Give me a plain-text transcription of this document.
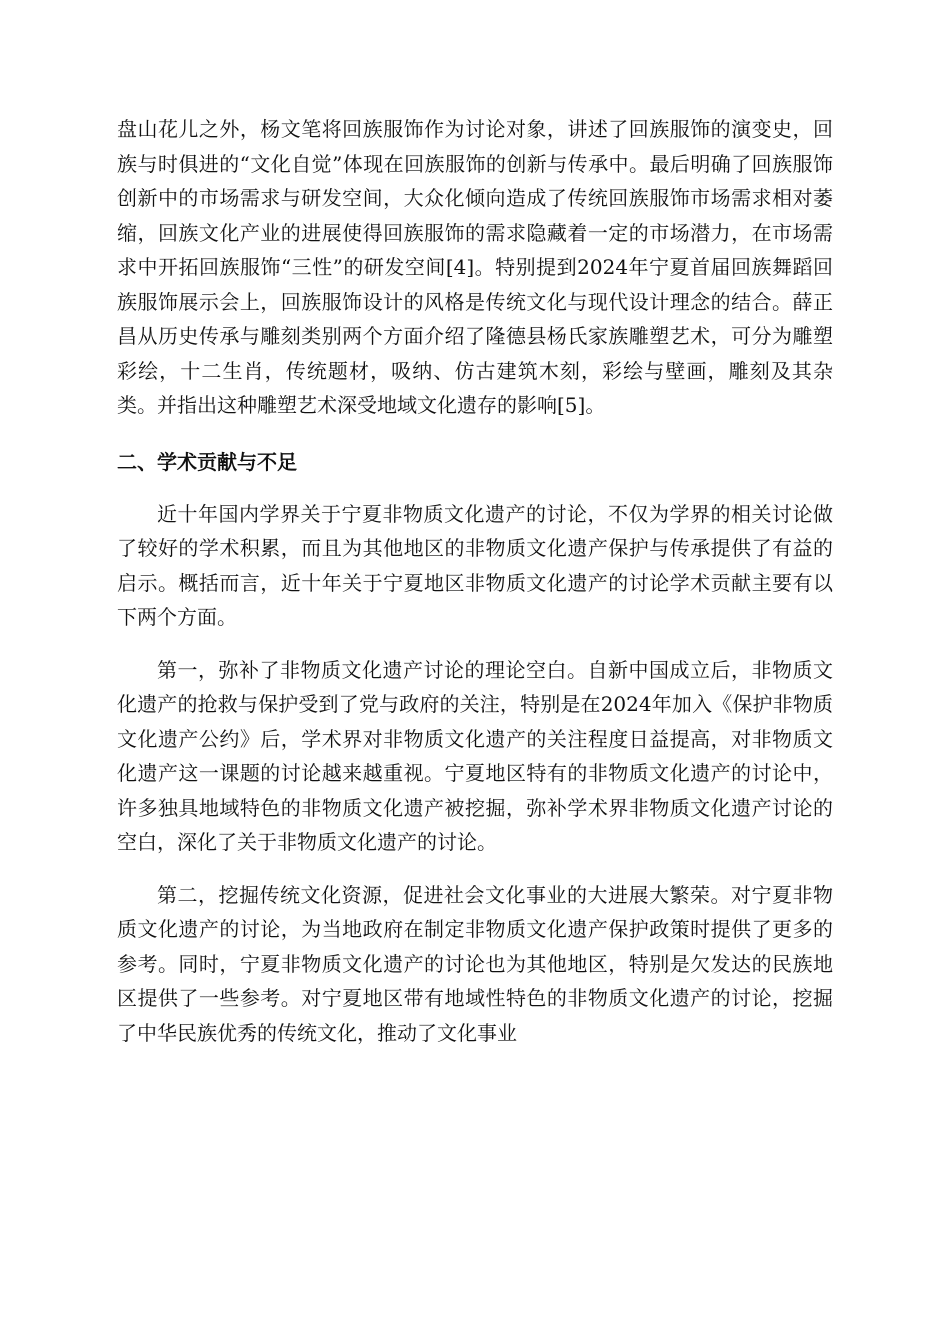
盘山花儿之外，杨文笔将回族服饰作为讨论对象，讲述了回族服饰的演变史，回族与时俱进的“文化自觉”体现在回族服饰的创新与传承中。最后明确了回族服饰创新中的市场需求与研发空间，大众化倾向造成了传统回族服饰市场需求相对萎缩，回族文化产业的进展使得回族服饰的需求隐藏着一定的市场潜力，在市场需求中开拓回族服饰“三性”的研发空间[4]。特别提到2024年宁夏首届回族舞蹈回族服饰展示会上，回族服饰设计的风格是传统文化与现代设计理念的结合。薛正昌从历史传承与雕刻类别两个方面介绍了隆德县杨氏家族雕塑艺术，可分为雕塑彩绘，十二生肖，传统题材，吸纳、仿古建筑木刻，彩绘与壁画，雕刻及其杂类。并指出这种雕塑艺术深受地域文化遗存的影响[5]。

二、学术贡献与不足

近十年国内学界关于宁夏非物质文化遗产的讨论，不仅为学界的相关讨论做了较好的学术积累，而且为其他地区的非物质文化遗产保护与传承提供了有益的启示。概括而言，近十年关于宁夏地区非物质文化遗产的讨论学术贡献主要有以下两个方面。

第一，弥补了非物质文化遗产讨论的理论空白。自新中国成立后，非物质文化遗产的抢救与保护受到了党与政府的关注，特别是在2024年加入《保护非物质文化遗产公约》后，学术界对非物质文化遗产的关注程度日益提高，对非物质文化遗产这一课题的讨论越来越重视。宁夏地区特有的非物质文化遗产的讨论中，许多独具地域特色的非物质文化遗产被挖掘，弥补学术界非物质文化遗产讨论的空白，深化了关于非物质文化遗产的讨论。

第二，挖掘传统文化资源，促进社会文化事业的大进展大繁荣。对宁夏非物质文化遗产的讨论，为当地政府在制定非物质文化遗产保护政策时提供了更多的参考。同时，宁夏非物质文化遗产的讨论也为其他地区，特别是欠发达的民族地区提供了一些参考。对宁夏地区带有地域性特色的非物质文化遗产的讨论，挖掘了中华民族优秀的传统文化，推动了文化事业
